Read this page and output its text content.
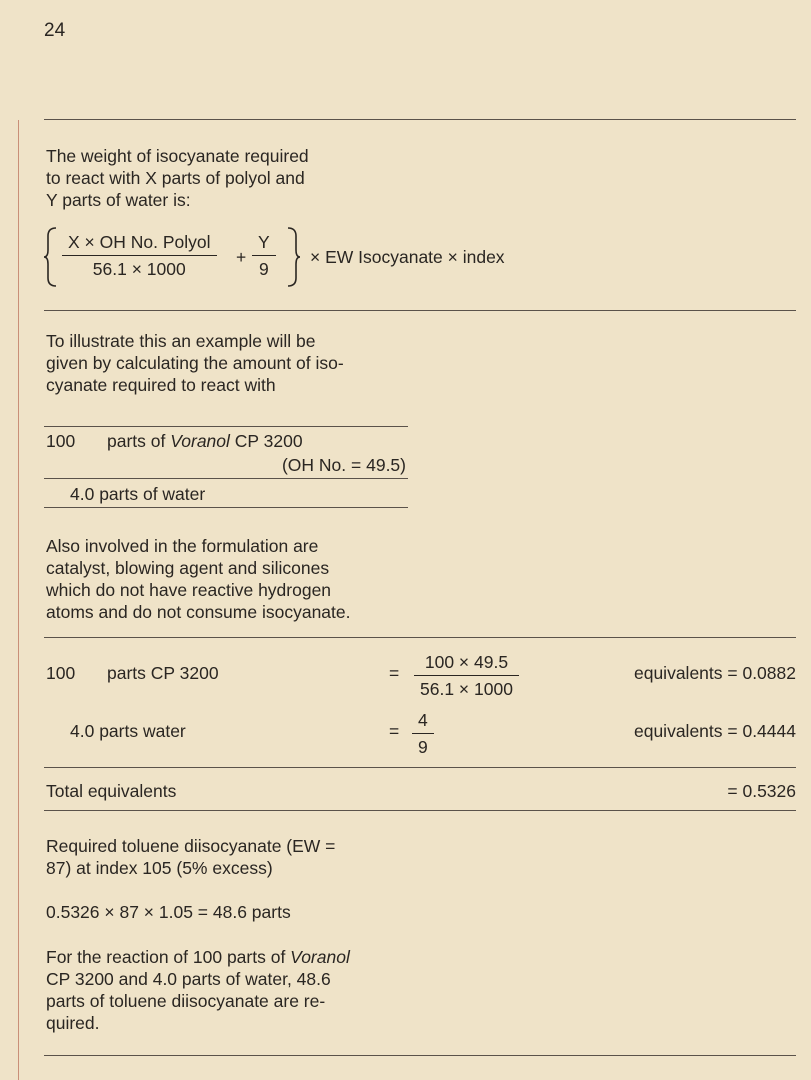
24
The weight of isocyanate required
to react with X parts of polyol and
Y parts of water is:
X × OH No. Polyol
56.1 × 1000
+ $\frac{Y}{9}$ × EW Isocyanate × index
To illustrate this an example will be
given by calculating the amount of iso-
cyanate required to react with
100 parts of Voranol CP 3200
(OH No. = 49.5)
4.0 parts of water
Also involved in the formulation are
catalyst, blowing agent and silicones
which do not have reactive hydrogen
atoms and do not consume isocyanate.
100 parts CP 3200	= $\frac{100 \times 49.5}{56.1 \times 1000}$	equivalents = 0.0882
4.0 parts water	= $\frac{4}{9}$	equivalents = 0.4444
Total equivalents	= 0.5326
Required toluene diisocyanate (EW =
87) at index 105 (5% excess)
0.5326 × 87 × 1.05 = 48.6 parts
For the reaction of 100 parts of Voranol
CP 3200 and 4.0 parts of water, 48.6
parts of toluene diisocyanate are re-
quired.
